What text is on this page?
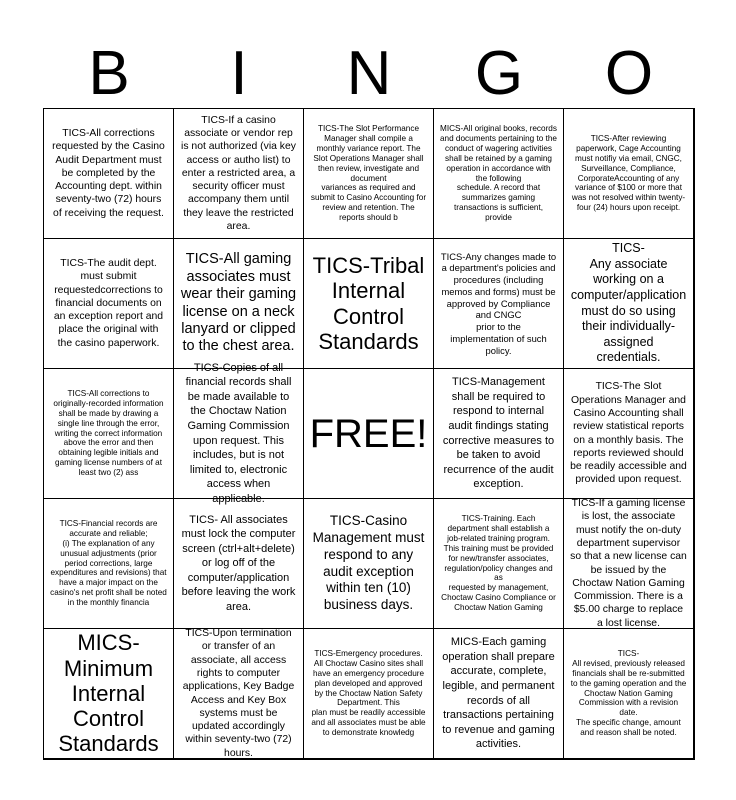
B	I	N	G	O
TICS-All corrections requested by the Casino Audit Department must be completed by the Accounting dept. within seventy-two (72) hours of receiving the request.
TICS-If a casino associate or vendor rep is not authorized (via key access or autho list) to enter a restricted area, a security officer must accompany them until they leave the restricted area.
TICS-The Slot Performance Manager shall compile a monthly variance report. The Slot Operations Manager shall then review, investigate and document
variances as required and submit to Casino Accounting for review and retention. The reports should b
MICS-All original books, records and documents pertaining to the conduct of wagering activities shall be retained by a gaming operation in accordance with the following
schedule. A record that summarizes gaming transactions is sufficient, provide
TICS-After reviewing paperwork, Cage Accounting must notifiy via email, CNGC, Surveillance, Compliance, CorporateAccounting of any variance of $100 or more that was not resolved within twenty-four (24) hours upon receipt.
TICS-The audit dept. must submit requestedcorrections to financial documents on an exception report and place the original with the casino paperwork.
TICS-All gaming associates must wear their gaming license on a neck lanyard or clipped to the chest area.
TICS-Tribal Internal Control Standards
TICS-Any changes made to a department's policies and procedures (including memos and forms) must be approved by Compliance and CNGC
prior to the
implementation of such policy.
TICS-
Any associate working on a computer/application must do so using their individually-assigned credentials.
TICS-All corrections to originally-recorded information shall be made by drawing a single line through the error, writing the correct information above the error and then obtaining legible initials and gaming license numbers of at least two (2) ass
TICS-Copies of all financial records shall be made available to the Choctaw Nation Gaming Commission upon request. This includes, but is not limited to, electronic
access when applicable.
FREE!
TICS-Management shall be required to respond to internal audit findings stating corrective measures to be taken to avoid recurrence of the audit exception.
TICS-The Slot Operations Manager and Casino Accounting shall review statistical reports on a monthly basis. The reports reviewed should be readily accessible and provided upon request.
TICS-Financial records are accurate and reliable;
(i) The explanation of any unusual adjustments (prior period corrections, large expenditures and revisions) that have a major impact on the casino's net profit shall be noted in the monthly financia
TICS- All associates must lock the computer screen (ctrl+alt+delete) or log off of the computer/application before leaving the work area.
TICS-Casino Management must respond to any audit exception within ten (10) business days.
TICS-Training. Each department shall establish a job-related training program. This training must be provided for new/transfer associates, regulation/policy changes and as
requested by management, Choctaw Casino Compliance or Choctaw Nation Gaming
TICS-If a gaming license is lost, the associate must notify the on-duty department supervisor so that a new license can be issued by the Choctaw Nation Gaming Commission. There is a $5.00 charge to replace a lost license.
MICS-Minimum Internal Control Standards
TICS-Upon termination or transfer of an associate, all access rights to computer applications, Key Badge Access and Key Box systems must be updated accordingly within seventy-two (72) hours.
TICS-Emergency procedures. All Choctaw Casino sites shall have an emergency procedure plan developed and approved by the Choctaw Nation Safety Department. This
plan must be readily accessible and all associates must be able to demonstrate knowledg
MICS-Each gaming operation shall prepare accurate, complete, legible, and permanent records of all transactions pertaining to revenue and gaming activities.
TICS-
All revised, previously released financials shall be re-submitted to the gaming operation and the Choctaw Nation Gaming Commission with a revision date.
The specific change, amount and reason shall be noted.
